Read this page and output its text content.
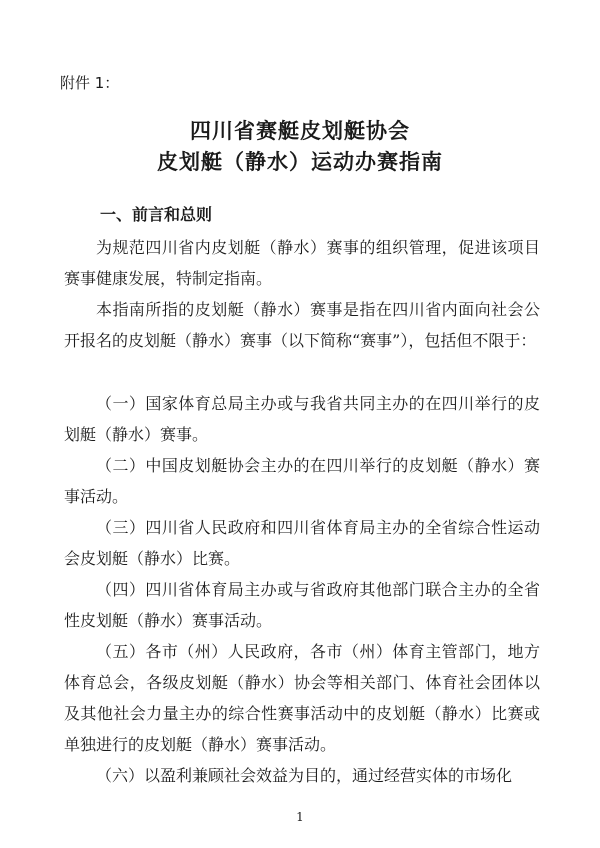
附件 1：
四川省赛艇皮划艇协会
皮划艇（静水）运动办赛指南
一、前言和总则

为规范四川省内皮划艇（静水）赛事的组织管理，促进该项目赛事健康发展，特制定指南。

本指南所指的皮划艇（静水）赛事是指在四川省内面向社会公开报名的皮划艇（静水）赛事（以下简称“赛事”），包括但不限于：

（一）国家体育总局主办或与我省共同主办的在四川举行的皮划艇（静水）赛事。

（二）中国皮划艇协会主办的在四川举行的皮划艇（静水）赛事活动。

（三）四川省人民政府和四川省体育局主办的全省综合性运动会皮划艇（静水）比赛。

（四）四川省体育局主办或与省政府其他部门联合主办的全省性皮划艇（静水）赛事活动。

（五）各市（州）人民政府，各市（州）体育主管部门，地方体育总会，各级皮划艇（静水）协会等相关部门、体育社会团体以及其他社会力量主办的综合性赛事活动中的皮划艇（静水）比赛或单独进行的皮划艇（静水）赛事活动。

（六）以盈利兼顾社会效益为目的，通过经营实体的市场化

1
